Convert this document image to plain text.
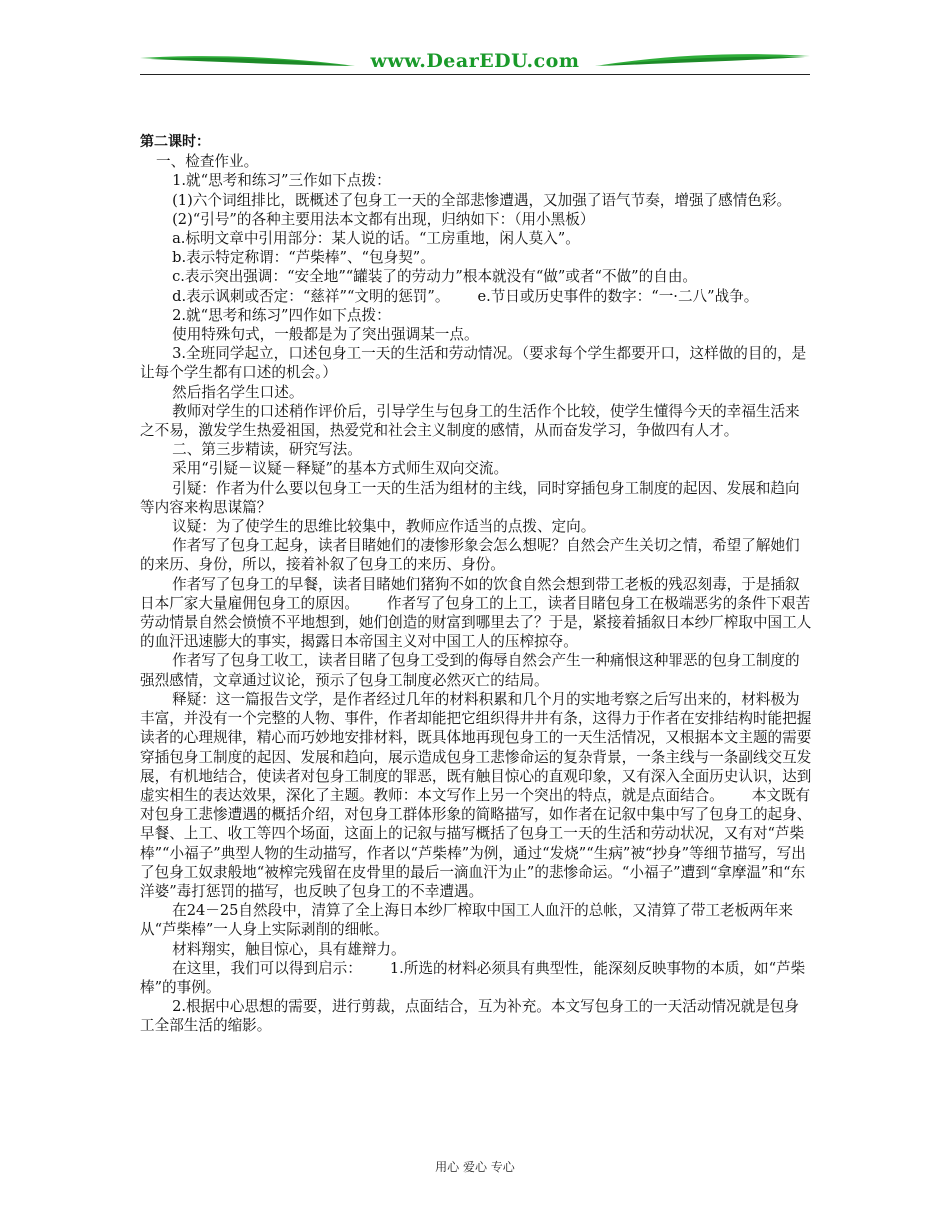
www.DearEDU.com

第二课时：

一、检查作业。

1.就“思考和练习”三作如下点拨：

(1)六个词组排比，既概述了包身工一天的全部悲惨遭遇，又加强了语气节奏，增强了感情色彩。

(2)“引号”的各种主要用法本文都有出现，归纳如下：（用小黑板）

a.标明文章中引用部分：某人说的话。“工房重地，闲人莫入”。

b.表示特定称谓：“芦柴棒”、“包身契”。

c.表示突出强调：“安全地”“罐装了的劳动力”根本就没有“做”或者“不做”的自由。

d.表示讽刺或否定：“慈祥”“文明的惩罚”。 e.节日或历史事件的数字：“一·二八”战争。

2.就“思考和练习”四作如下点拨：

使用特殊句式，一般都是为了突出强调某一点。

3.全班同学起立，口述包身工一天的生活和劳动情况。（要求每个学生都要开口，这样做的目的，是让每个学生都有口述的机会。）

然后指名学生口述。

教师对学生的口述稍作评价后，引导学生与包身工的生活作个比较，使学生懂得今天的幸福生活来之不易，激发学生热爱祖国，热爱党和社会主义制度的感情，从而奋发学习，争做四有人才。

二、第三步精读，研究写法。

采用“引疑－议疑－释疑”的基本方式师生双向交流。

引疑：作者为什么要以包身工一天的生活为组材的主线，同时穿插包身工制度的起因、发展和趋向等内容来构思谋篇？

议疑：为了使学生的思维比较集中，教师应作适当的点拨、定向。

作者写了包身工起身，读者目睹她们的凄惨形象会怎么想呢？自然会产生关切之情，希望了解她们的来历、身份，所以，接着补叙了包身工的来历、身份。

作者写了包身工的早餐，读者目睹她们猪狗不如的饮食自然会想到带工老板的残忍刻毒，于是插叙日本厂家大量雇佣包身工的原因。 作者写了包身工的上工，读者目睹包身工在极端恶劣的条件下艰苦劳动情景自然会愤愤不平地想到，她们创造的财富到哪里去了？于是，紧接着插叙日本纱厂榨取中国工人的血汗迅速膨大的事实，揭露日本帝国主义对中国工人的压榨掠夺。

作者写了包身工收工，读者目睹了包身工受到的侮辱自然会产生一种痛恨这种罪恶的包身工制度的强烈感情，文章通过议论，预示了包身工制度必然灭亡的结局。

释疑：这一篇报告文学，是作者经过几年的材料积累和几个月的实地考察之后写出来的，材料极为丰富，并没有一个完整的人物、事件，作者却能把它组织得井井有条，这得力于作者在安排结构时能把握读者的心理规律，精心而巧妙地安排材料，既具体地再现包身工的一天生活情况，又根据本文主题的需要穿插包身工制度的起因、发展和趋向，展示造成包身工悲惨命运的复杂背景，一条主线与一条副线交互发展，有机地结合，使读者对包身工制度的罪恶，既有触目惊心的直观印象，又有深入全面历史认识，达到虚实相生的表达效果，深化了主题。教师：本文写作上另一个突出的特点，就是点面结合。 本文既有对包身工悲惨遭遇的概括介绍，对包身工群体形象的简略描写，如作者在记叙中集中写了包身工的起身、早餐、上工、收工等四个场面，这面上的记叙与描写概括了包身工一天的生活和劳动状况，又有对“芦柴棒”“小福子”典型人物的生动描写，作者以“芦柴棒”为例，通过“发烧”“生病”被“抄身”等细节描写，写出了包身工奴隶般地“被榨完残留在皮骨里的最后一滴血汗为止”的悲惨命运。“小福子”遭到“拿摩温”和“东洋婆”毒打惩罚的描写，也反映了包身工的不幸遭遇。

在24－25自然段中，清算了全上海日本纱厂榨取中国工人血汗的总帐，又清算了带工老板两年来从“芦柴棒”一人身上实际剥削的细帐。

材料翔实，触目惊心，具有雄辩力。

在这里，我们可以得到启示： 1.所选的材料必须具有典型性，能深刻反映事物的本质，如“芦柴棒”的事例。

2.根据中心思想的需要，进行剪裁，点面结合，互为补充。本文写包身工的一天活动情况就是包身工全部生活的缩影。

用心 爱心 专心
